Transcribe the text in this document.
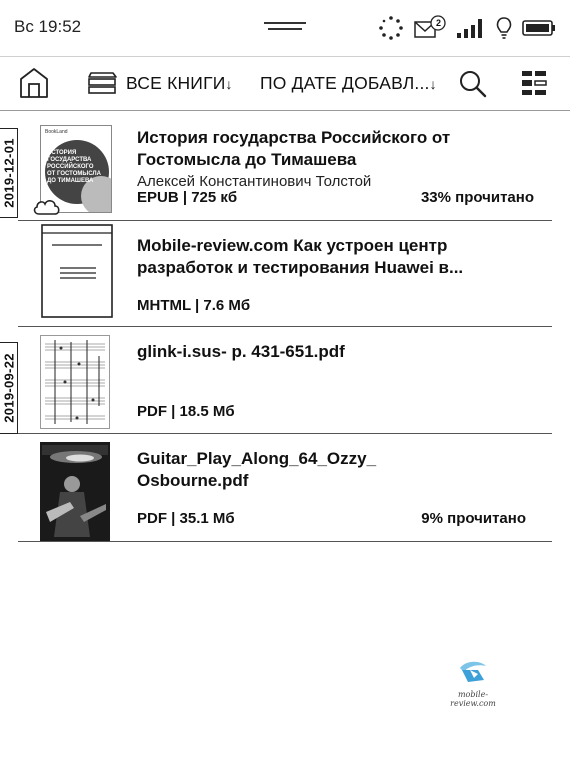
Вс 19:52	2
ВСЕ КНИГИ↓ ПО ДАТЕ ДОБАВЛ...↓
BookLand
ИСТОРИЯ
ГОСУДАРСТВА
РОССИЙСКОГО
ОТ ГОСТОМЫСЛА
ДО ТИМАШЕВА
История государства Российского от Гостомысла до Тимашева
Алексей Константинович Толстой
EPUB | 725 кб	33% прочитано
Mobile-review.com Как устроен центр разработок и тестирования Huawei в...
MHTML | 7.6 Мб
glink-i.sus- p. 431-651.pdf
PDF | 18.5 Мб
Guitar_Play_Along_64_Ozzy_ Osbourne.pdf
PDF | 35.1 Мб	9% прочитано
2019-12-01
2019-09-22
mobile-review.com
